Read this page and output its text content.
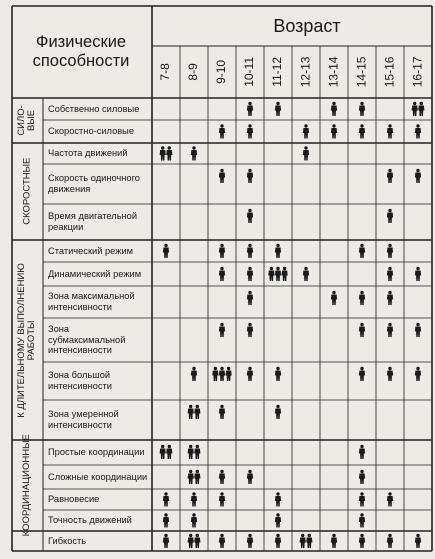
Физические способности
Возраст
7-8 8-9 9-10 10-11 11-12 12-13 13-14 14-15 15-16 16-17
СИЛО-
ВЫЕ
СКОРОСТНЫЕ
К ДЛИТЕЛЬНОМУ ВЫПОЛНЕНИЮ
РАБОТЫ
КООРДИНАЦИОННЫЕ
Собственно силовые
Скоростно-силовые
Частота движений
Скорость одиночного движения
Время двигательной реакции
Статический режим
Динамический режим
Зона максимальной интенсивности
Зона субмаксимальной интенсивности
Зона большой интенсивности
Зона умеренной интенсивности
Простые координации
Сложные координации
Равновесие
Точность движений
Гибкость
